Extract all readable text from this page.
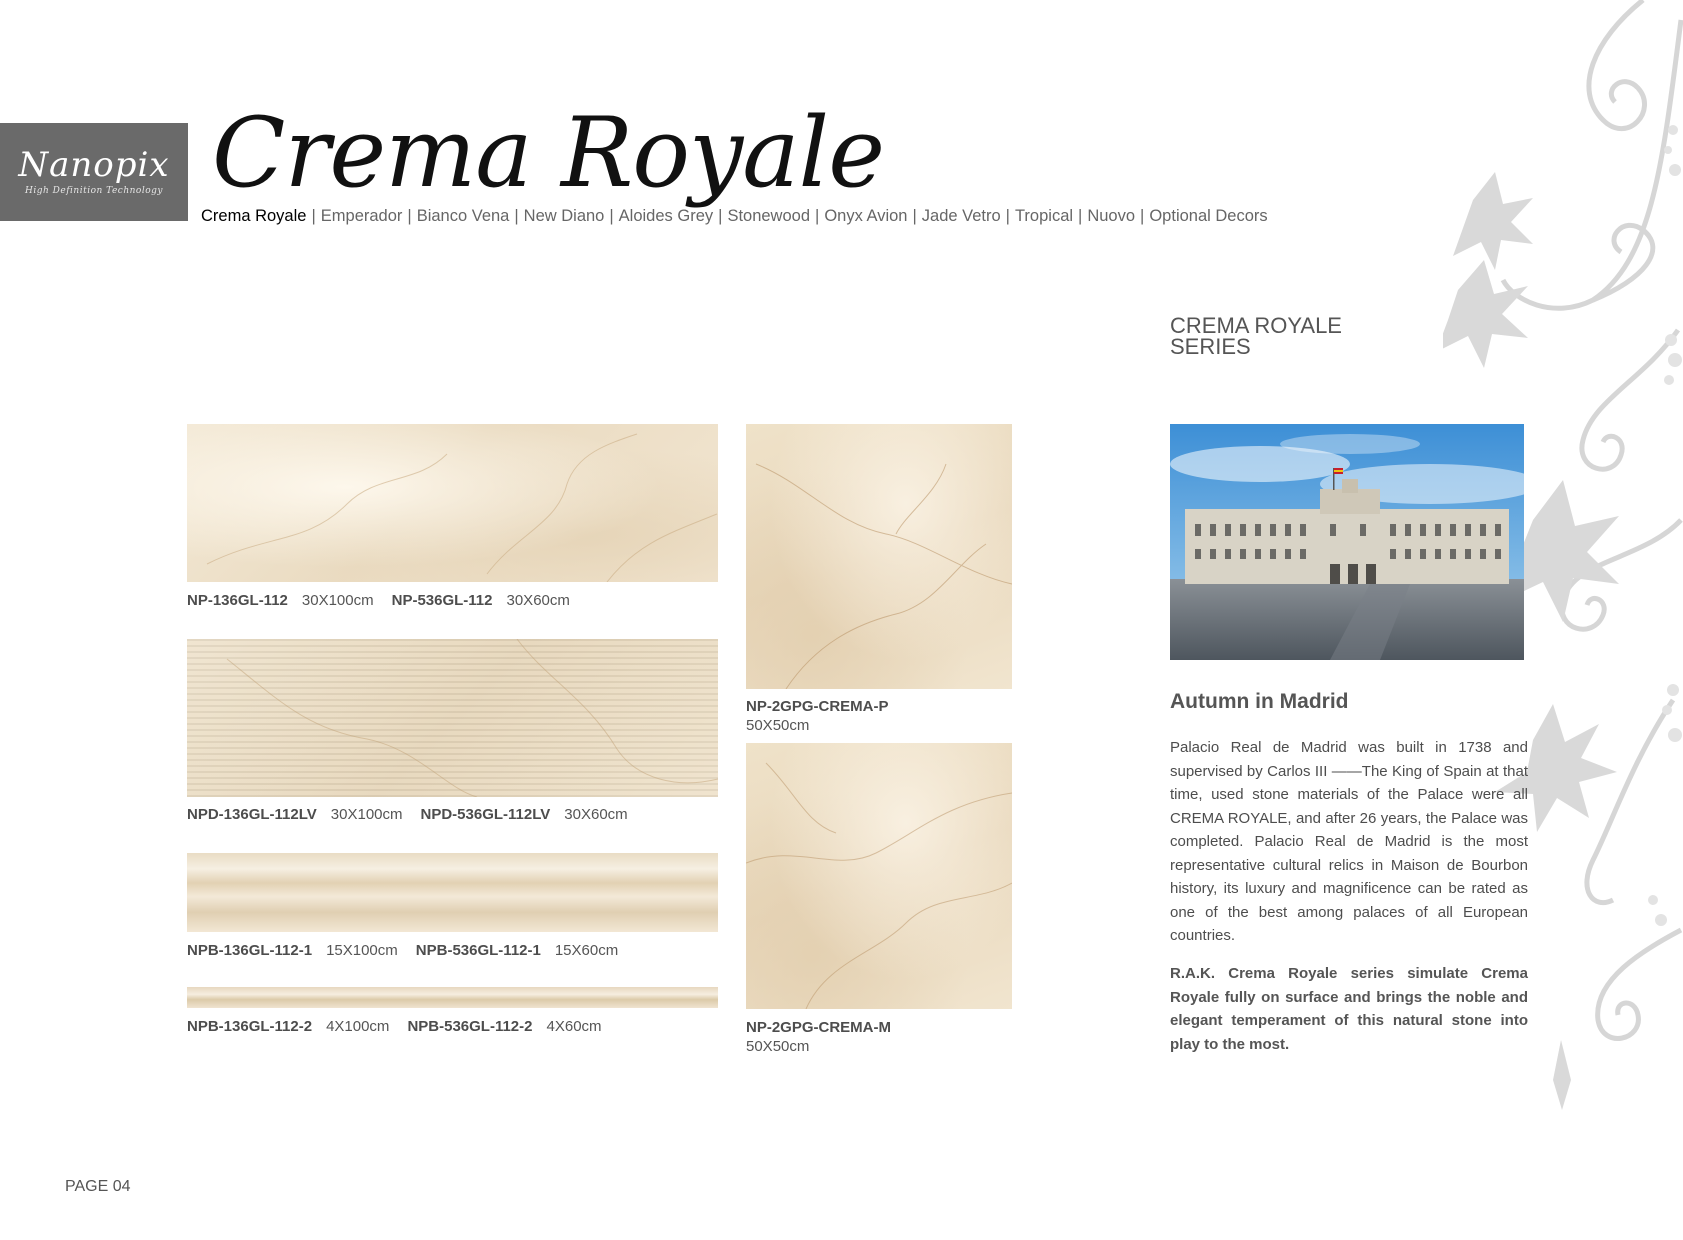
Nanopix
High Definition Technology Crema Royale
Crema Royale | Emperador | Bianco Vena | New Diano | Aloides Grey | Stonewood | Onyx Avion | Jade Vetro | Tropical | Nuovo | Optional Decors
CREMA ROYALE
SERIES
NP-136GL-112 30X100cm NP-536GL-112 30X60cm
NPD-136GL-112LV 30X100cm NPD-536GL-112LV 30X60cm
NPB-136GL-112-1 15X100cm NPB-536GL-112-1 15X60cm
NPB-136GL-112-2 4X100cm NPB-536GL-112-2 4X60cm
NP-2GPG-CREMA-P
50X50cm
NP-2GPG-CREMA-M
50X50cm
Autumn in Madrid
Palacio Real de Madrid was built in 1738 and supervised by Carlos III ——The King of Spain at that time, used stone materials of the Palace were all CREMA ROYALE, and after 26 years, the Palace was completed. Palacio Real de Madrid is the most representative cultural relics in Maison de Bourbon history, its luxury and magnificence can be rated as one of the best among palaces of all European countries.
R.A.K. Crema Royale series simulate Crema Royale fully on surface and brings the noble and elegant temperament of this natural stone into play to the most.
PAGE 04
